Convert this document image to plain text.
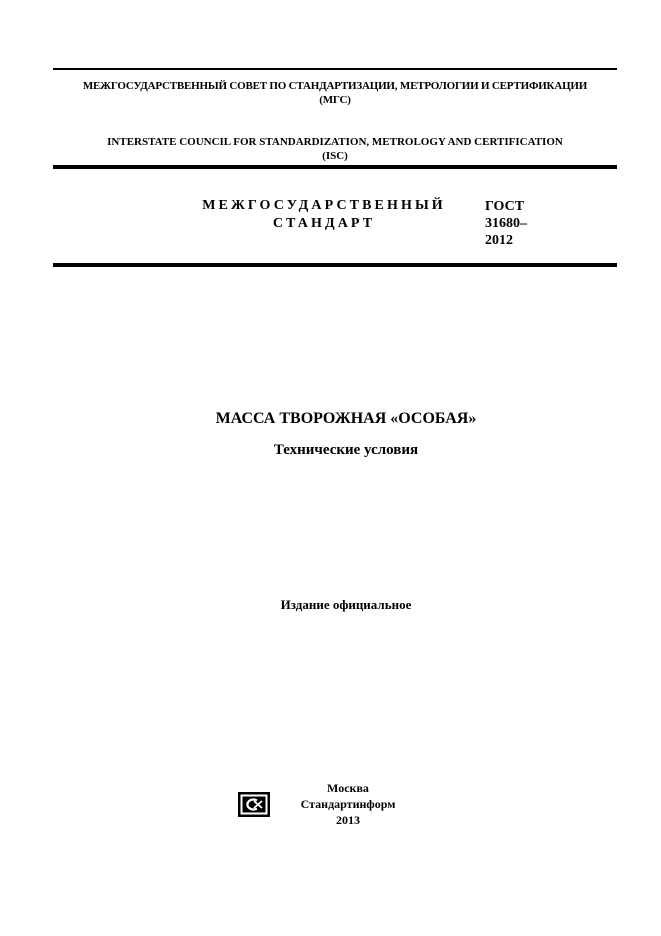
МЕЖГОСУДАРСТВЕННЫЙ СОВЕТ ПО СТАНДАРТИЗАЦИИ, МЕТРОЛОГИИ И СЕРТИФИКАЦИИ
(МГС)
INTERSTATE COUNCIL FOR STANDARDIZATION, METROLOGY AND CERTIFICATION
(ISC)
МЕЖГОСУДАРСТВЕННЫЙ
СТАНДАРТ
ГОСТ
31680–
2012
МАССА ТВОРОЖНАЯ «ОСОБАЯ»
Технические условия
Издание официальное
Москва
Стандартинформ
2013
